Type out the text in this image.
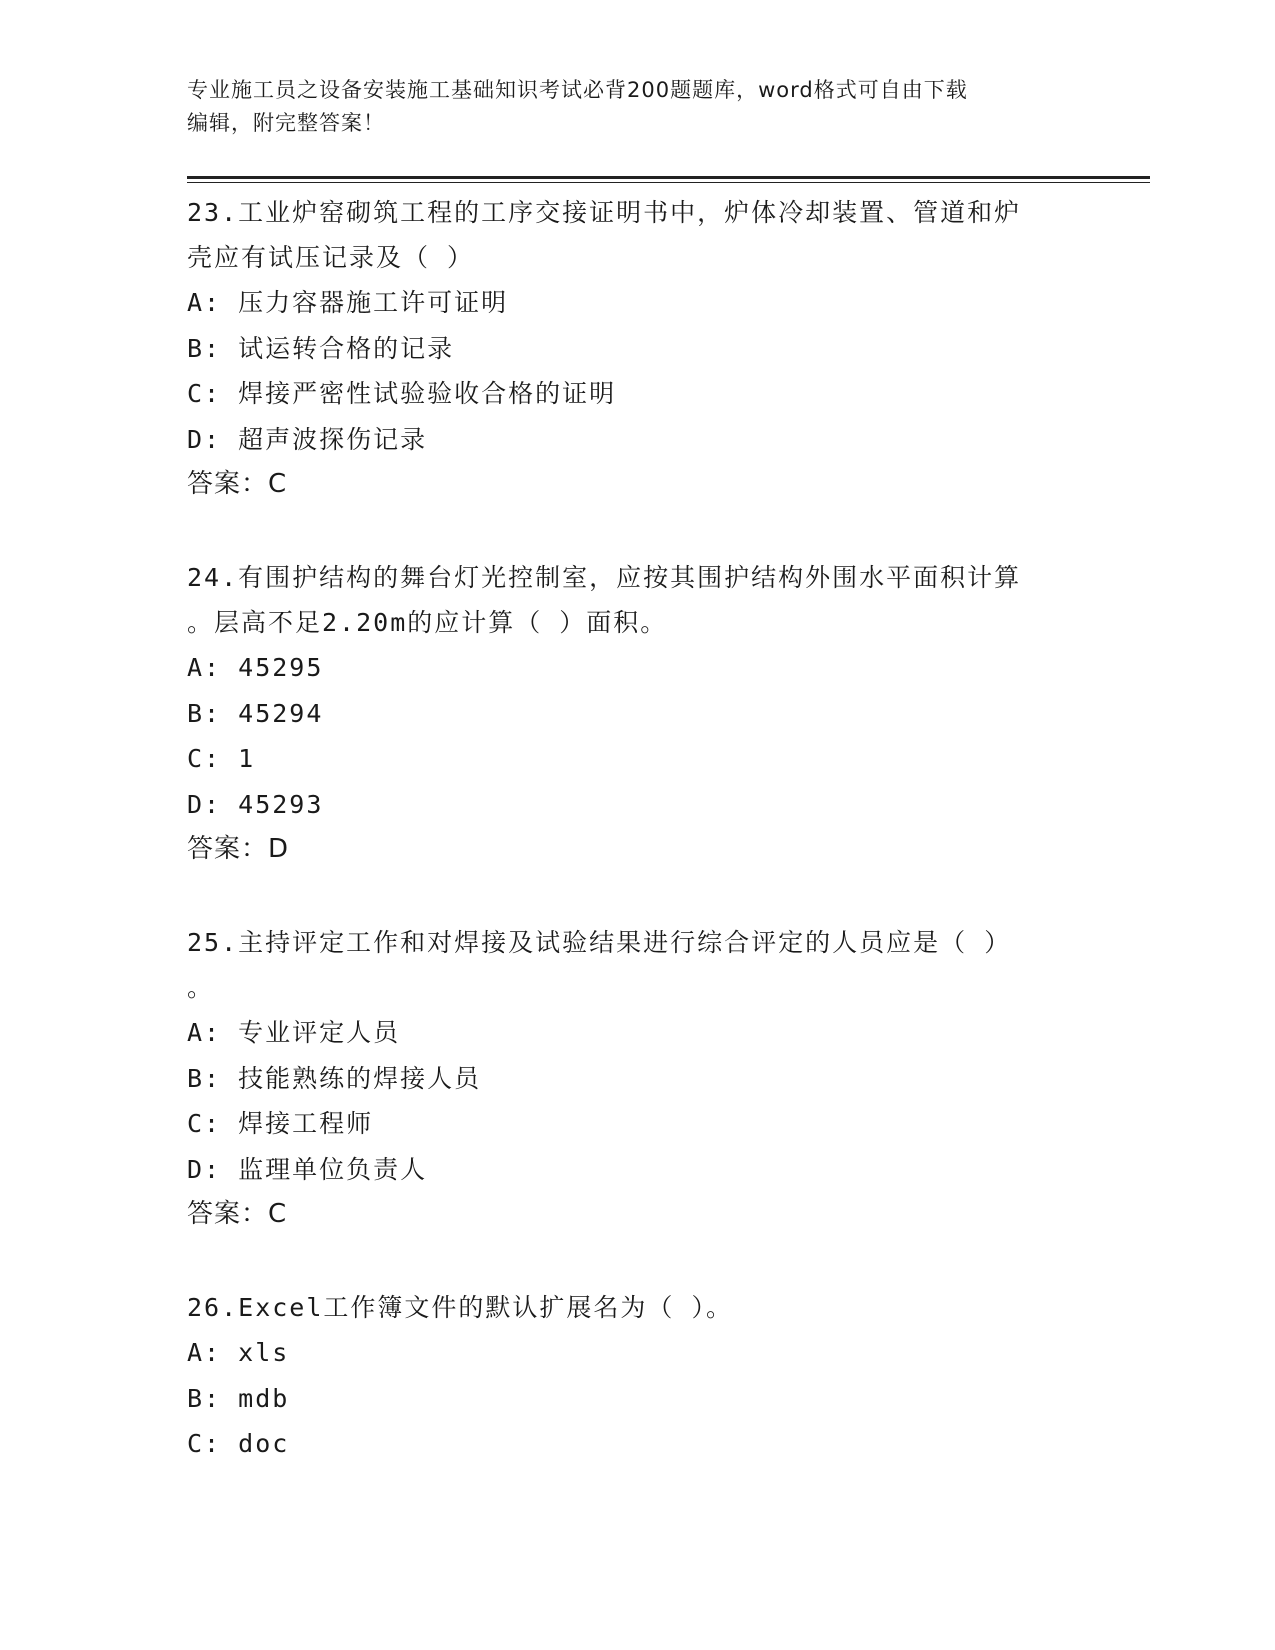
专业施工员之设备安装施工基础知识考试必背200题题库，word格式可自由下载
编辑，附完整答案！

23.工业炉窑砌筑工程的工序交接证明书中，炉体冷却装置、管道和炉

壳应有试压记录及（ ）

A: 压力容器施工许可证明

B: 试运转合格的记录

C: 焊接严密性试验验收合格的证明

D: 超声波探伤记录

答案：C

24.有围护结构的舞台灯光控制室，应按其围护结构外围水平面积计算

。层高不足2.20m的应计算（ ）面积。

A: 45295

B: 45294

C: 1

D: 45293

答案：D

25.主持评定工作和对焊接及试验结果进行综合评定的人员应是（ ）

。

A: 专业评定人员

B: 技能熟练的焊接人员

C: 焊接工程师

D: 监理单位负责人

答案：C

26.Excel工作簿文件的默认扩展名为（ ）。

A: xls

B: mdb

C: doc
